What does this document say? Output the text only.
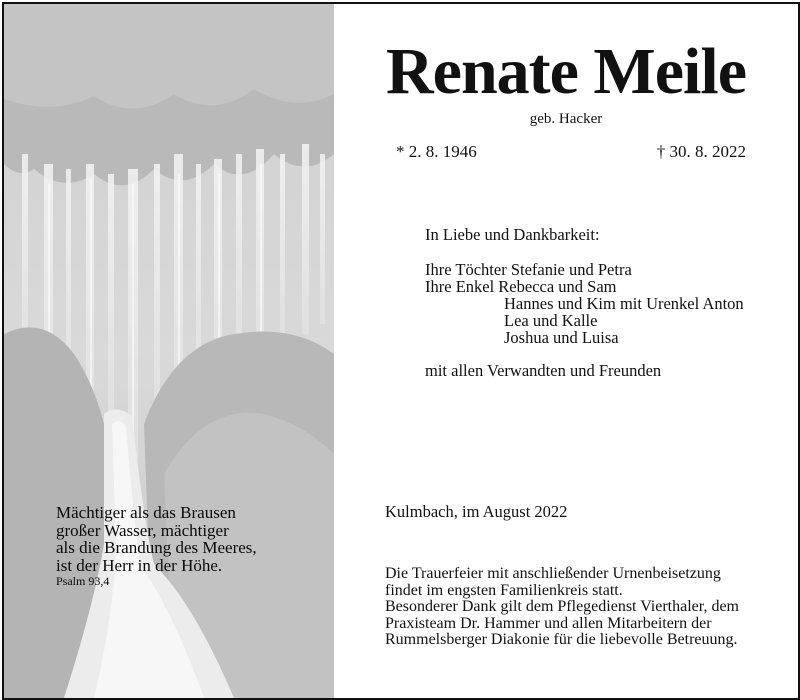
Renate Meile
geb. Hacker
* 2. 8. 1946	† 30. 8. 2022
In Liebe und Dankbarkeit:
Ihre Töchter Stefanie und Petra
Ihre Enkel Rebecca und Sam
Hannes und Kim mit Urenkel Anton
Lea und Kalle
Joshua und Luisa
mit allen Verwandten und Freunden
Kulmbach, im August 2022
Die Trauerfeier mit anschließender Urnenbeisetzung
findet im engsten Familienkreis statt.
Besonderer Dank gilt dem Pflegedienst Vierthaler, dem
Praxisteam Dr. Hammer und allen Mitarbeitern der
Rummelsberger Diakonie für die liebevolle Betreuung.
Mächtiger als das Brausen
großer Wasser, mächtiger
als die Brandung des Meeres,
ist der Herr in der Höhe.
Psalm 93,4
